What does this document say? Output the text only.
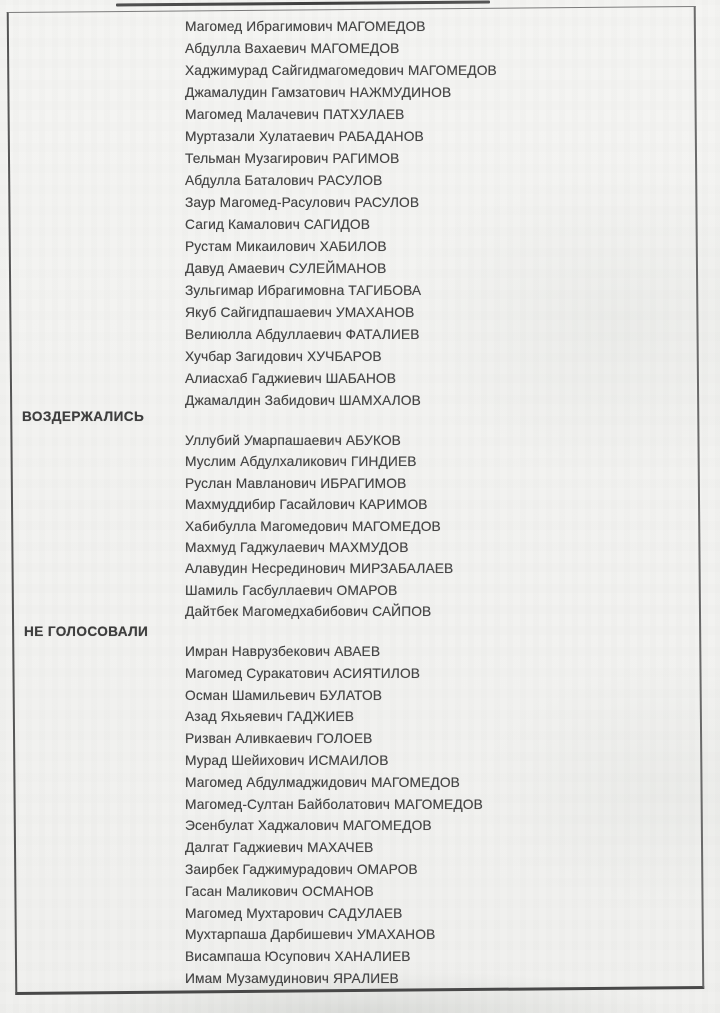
Магомед Ибрагимович МАГОМЕДОВ
Абдулла Вахаевич МАГОМЕДОВ
Хаджимурад Сайгидмагомедович МАГОМЕДОВ
Джамалудин Гамзатович НАЖМУДИНОВ
Магомед Малачевич ПАТХУЛАЕВ
Муртазали Хулатаевич РАБАДАНОВ
Тельман Музагирович РАГИМОВ
Абдулла Баталович РАСУЛОВ
Заур Магомед-Расулович РАСУЛОВ
Сагид Камалович САГИДОВ
Рустам Микаилович ХАБИЛОВ
Давуд Амаевич СУЛЕЙМАНОВ
Зульгимар Ибрагимовна ТАГИБОВА
Якуб Сайгидпашаевич УМАХАНОВ
Велиюлла Абдуллаевич ФАТАЛИЕВ
Хучбар Загидович ХУЧБАРОВ
Алиасхаб Гаджиевич ШАБАНОВ
Джамалдин Забидович ШАМХАЛОВ
ВОЗДЕРЖАЛИСЬ
Уллубий Умарпашаевич АБУКОВ
Муслим Абдулхаликович ГИНДИЕВ
Руслан Мавланович ИБРАГИМОВ
Махмуддибир Гасайлович КАРИМОВ
Хабибулла Магомедович МАГОМЕДОВ
Махмуд Гаджулаевич МАХМУДОВ
Алавудин Несрединович МИРЗАБАЛАЕВ
Шамиль Гасбуллаевич ОМАРОВ
Дайтбек Магомедхабибович САЙПОВ
НЕ ГОЛОСОВАЛИ
Имран Наврузбекович АВАЕВ
Магомед Суракатович АСИЯТИЛОВ
Осман Шамильевич БУЛАТОВ
Азад Яхьяевич ГАДЖИЕВ
Ризван Аливкаевич ГОЛОЕВ
Мурад Шейихович ИСМАИЛОВ
Магомед Абдулмаджидович МАГОМЕДОВ
Магомед-Султан Байболатович МАГОМЕДОВ
Эсенбулат Хаджалович МАГОМЕДОВ
Далгат Гаджиевич МАХАЧЕВ
Заирбек Гаджимурадович ОМАРОВ
Гасан Маликович ОСМАНОВ
Магомед Мухтарович САДУЛАЕВ
Мухтарпаша Дарбишевич УМАХАНОВ
Висампаша Юсупович ХАНАЛИЕВ
Имам Музамудинович ЯРАЛИЕВ
